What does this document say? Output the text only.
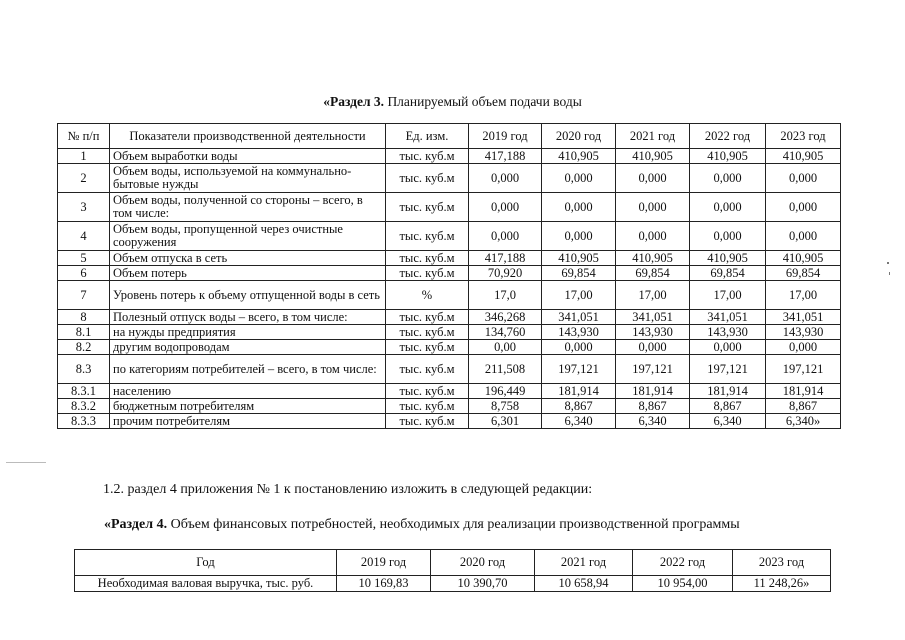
«Раздел 3. Планируемый объем подачи воды
№ п/п	Показатели производственной деятельности	Ед. изм.	2019 год	2020 год	2021 год	2022 год	2023 год
1	Объем выработки воды	тыс. куб.м	417,188	410,905	410,905	410,905	410,905
2	Объем воды, используемой на коммунально-бытовые нужды	тыс. куб.м	0,000	0,000	0,000	0,000	0,000
3	Объем воды, полученной со стороны – всего, в том числе:	тыс. куб.м	0,000	0,000	0,000	0,000	0,000
4	Объем воды, пропущенной через очистные сооружения	тыс. куб.м	0,000	0,000	0,000	0,000	0,000
5	Объем отпуска в сеть	тыс. куб.м	417,188	410,905	410,905	410,905	410,905
6	Объем потерь	тыс. куб.м	70,920	69,854	69,854	69,854	69,854
7	Уровень потерь к объему отпущенной воды в сеть	%	17,0	17,00	17,00	17,00	17,00
8	Полезный отпуск воды – всего, в том числе:	тыс. куб.м	346,268	341,051	341,051	341,051	341,051
8.1	на нужды предприятия	тыс. куб.м	134,760	143,930	143,930	143,930	143,930
8.2	другим водопроводам	тыс. куб.м	0,00	0,000	0,000	0,000	0,000
8.3	по категориям потребителей – всего, в том числе:	тыс. куб.м	211,508	197,121	197,121	197,121	197,121
8.3.1	населению	тыс. куб.м	196,449	181,914	181,914	181,914	181,914
8.3.2	бюджетным потребителям	тыс. куб.м	8,758	8,867	8,867	8,867	8,867
8.3.3	прочим потребителям	тыс. куб.м	6,301	6,340	6,340	6,340	6,340»
1.2. раздел 4 приложения № 1 к постановлению изложить в следующей редакции:
«Раздел 4. Объем финансовых потребностей, необходимых для реализации производственной программы
Год	2019 год	2020 год	2021 год	2022 год	2023 год
Необходимая валовая выручка, тыс. руб.	10 169,83	10 390,70	10 658,94	10 954,00	11 248,26»
